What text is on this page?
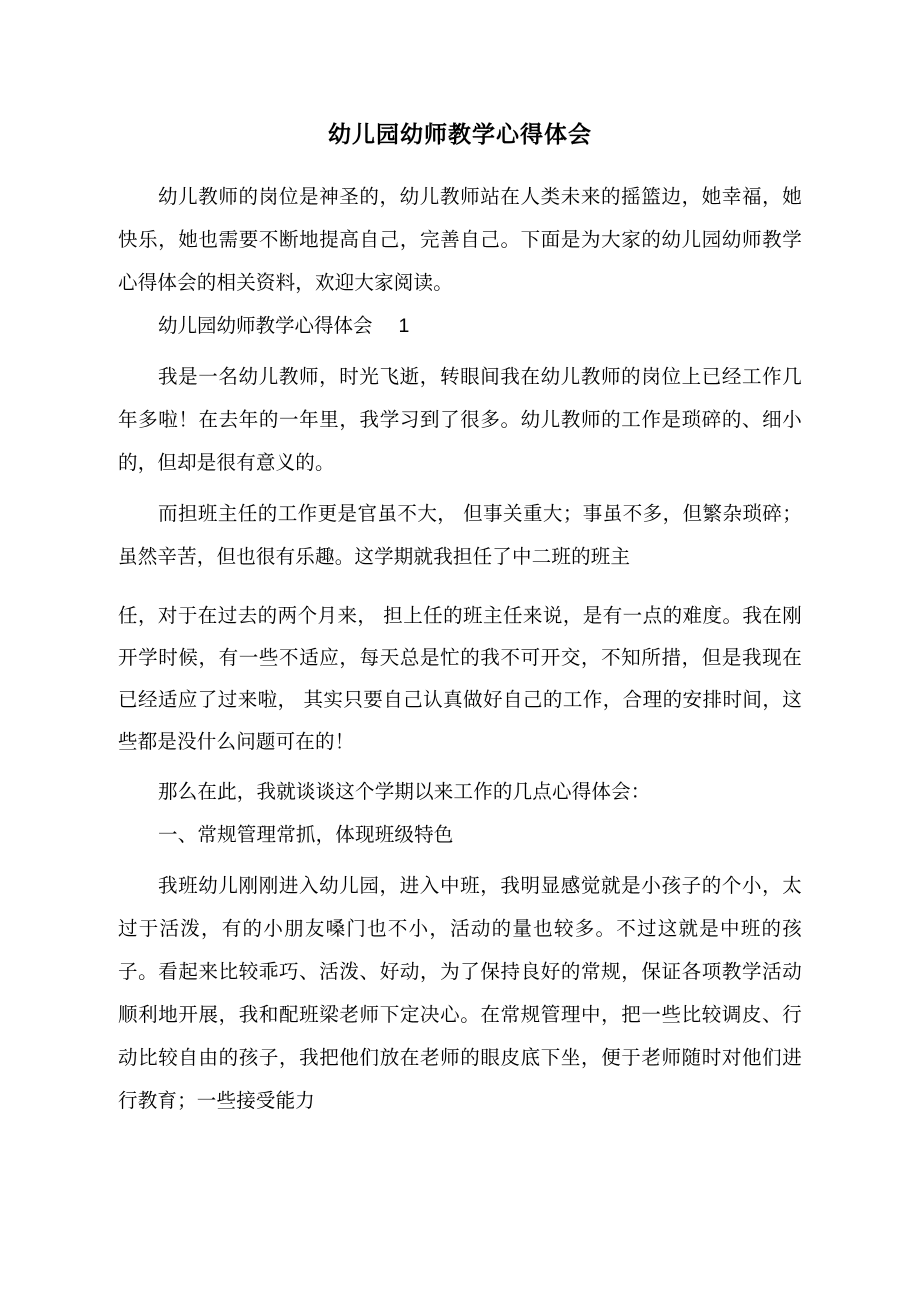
幼儿园幼师教学心得体会

幼儿教师的岗位是神圣的，幼儿教师站在人类未来的摇篮边，她幸福，她快乐，她也需要不断地提高自己，完善自己。下面是为大家的幼儿园幼师教学心得体会的相关资料，欢迎大家阅读。

幼儿园幼师教学心得体会 1

我是一名幼儿教师，时光飞逝，转眼间我在幼儿教师的岗位上已经工作几年多啦！在去年的一年里，我学习到了很多。幼儿教师的工作是琐碎的、细小的，但却是很有意义的。

而担班主任的工作更是官虽不大， 但事关重大；事虽不多，但繁杂琐碎；虽然辛苦，但也很有乐趣。这学期就我担任了中二班的班主

任，对于在过去的两个月来， 担上任的班主任来说，是有一点的难度。我在刚开学时候，有一些不适应，每天总是忙的我不可开交，不知所措，但是我现在已经适应了过来啦， 其实只要自己认真做好自己的工作，合理的安排时间，这些都是没什么问题可在的！

那么在此，我就谈谈这个学期以来工作的几点心得体会：

一、常规管理常抓，体现班级特色

我班幼儿刚刚进入幼儿园，进入中班，我明显感觉就是小孩子的个小，太过于活泼，有的小朋友嗓门也不小，活动的量也较多。不过这就是中班的孩子。看起来比较乖巧、活泼、好动，为了保持良好的常规，保证各项教学活动顺利地开展，我和配班梁老师下定决心。在常规管理中，把一些比较调皮、行动比较自由的孩子，我把他们放在老师的眼皮底下坐，便于老师随时对他们进行教育；一些接受能力
